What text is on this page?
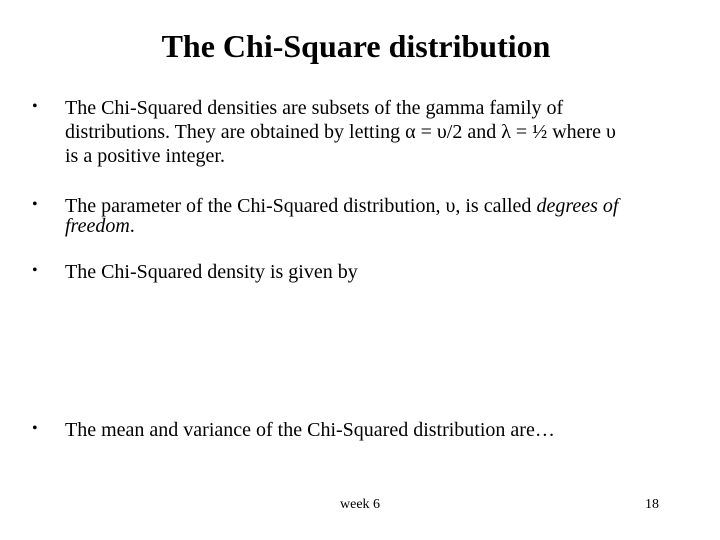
The Chi-Square distribution
• The Chi-Squared densities are subsets of the gamma family of
distributions. They are obtained by letting α = υ/2 and λ = ½ where υ
is a positive integer.
• The parameter of the Chi-Squared distribution, υ, is called degrees of
freedom.
• The Chi-Squared density is given by
• The mean and variance of the Chi-Squared distribution are…
week 6	18
